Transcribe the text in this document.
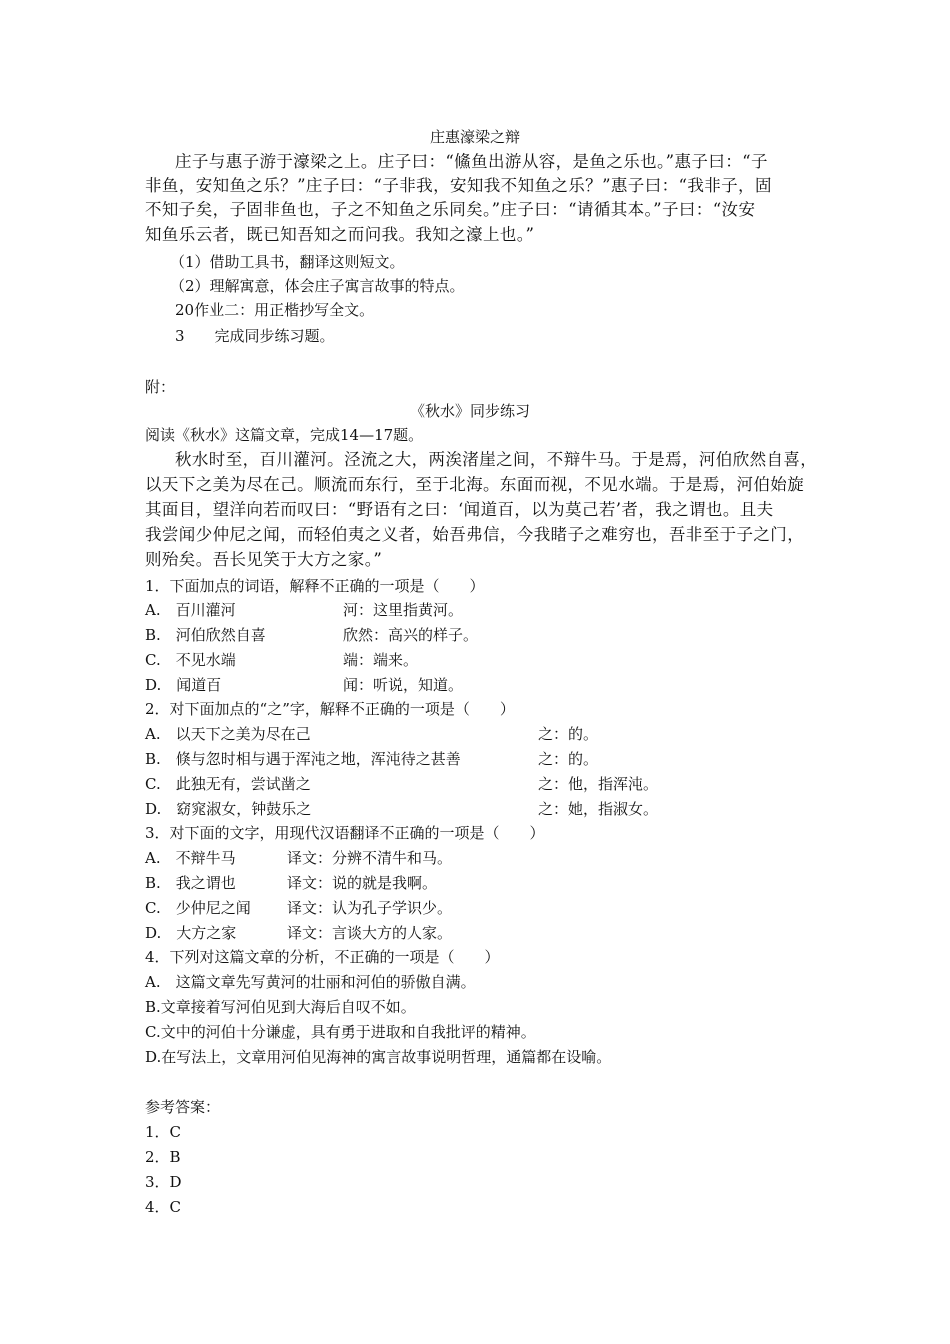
庄惠濠梁之辩
庄子与惠子游于濠梁之上。庄子曰：“鯈鱼出游从容，是鱼之乐也。”惠子曰：“子
非鱼，安知鱼之乐？”庄子曰：“子非我，安知我不知鱼之乐？”惠子曰：“我非子，固
不知子矣，子固非鱼也，子之不知鱼之乐同矣。”庄子曰：“请循其本。”子曰：“汝安
知鱼乐云者，既已知吾知之而问我。我知之濠上也。”
（1）借助工具书，翻译这则短文。
（2）理解寓意，体会庄子寓言故事的特点。
20作业二：用正楷抄写全文。
3　　完成同步练习题。
附：
《秋水》同步练习
阅读《秋水》这篇文章，完成14—17题。
秋水时至，百川灌河。泾流之大，两涘渚崖之间，不辩牛马。于是焉，河伯欣然自喜，
以天下之美为尽在己。顺流而东行，至于北海。东面而视，不见水端。于是焉，河伯始旋
其面目，望洋向若而叹曰：“野语有之曰：‘闻道百，以为莫己若’者，我之谓也。且夫
我尝闻少仲尼之闻，而轻伯夷之义者，始吾弗信，今我睹子之难穷也，吾非至于子之门，
则殆矣。吾长见笑于大方之家。”
1．下面加点的词语，解释不正确的一项是（　　）
A.　百川灌河	河：这里指黄河。
B.　河伯欣然自喜	欣然：高兴的样子。
C.　不见水端	端：端来。
D.　闻道百	闻：听说，知道。
2．对下面加点的“之”字，解释不正确的一项是（　　）
A.　以天下之美为尽在己	之：的。
B.　倏与忽时相与遇于浑沌之地，浑沌待之甚善	之：的。
C.　此独无有，尝试凿之	之：他，指浑沌。
D.　窈窕淑女，钟鼓乐之	之：她，指淑女。
3．对下面的文字，用现代汉语翻译不正确的一项是（　　）
A.　不辩牛马	译文：分辨不清牛和马。
B.　我之谓也	译文：说的就是我啊。
C.　少仲尼之闻 译文：认为孔子学识少。
D.　大方之家	译文：言谈大方的人家。
4．下列对这篇文章的分析，不正确的一项是（　　）
A.　这篇文章先写黄河的壮丽和河伯的骄傲自满。
B.文章接着写河伯见到大海后自叹不如。
C.文中的河伯十分谦虚，具有勇于进取和自我批评的精神。
D.在写法上，文章用河伯见海神的寓言故事说明哲理，通篇都在设喻。
参考答案：
1．C
2．B
3．D
4．C
